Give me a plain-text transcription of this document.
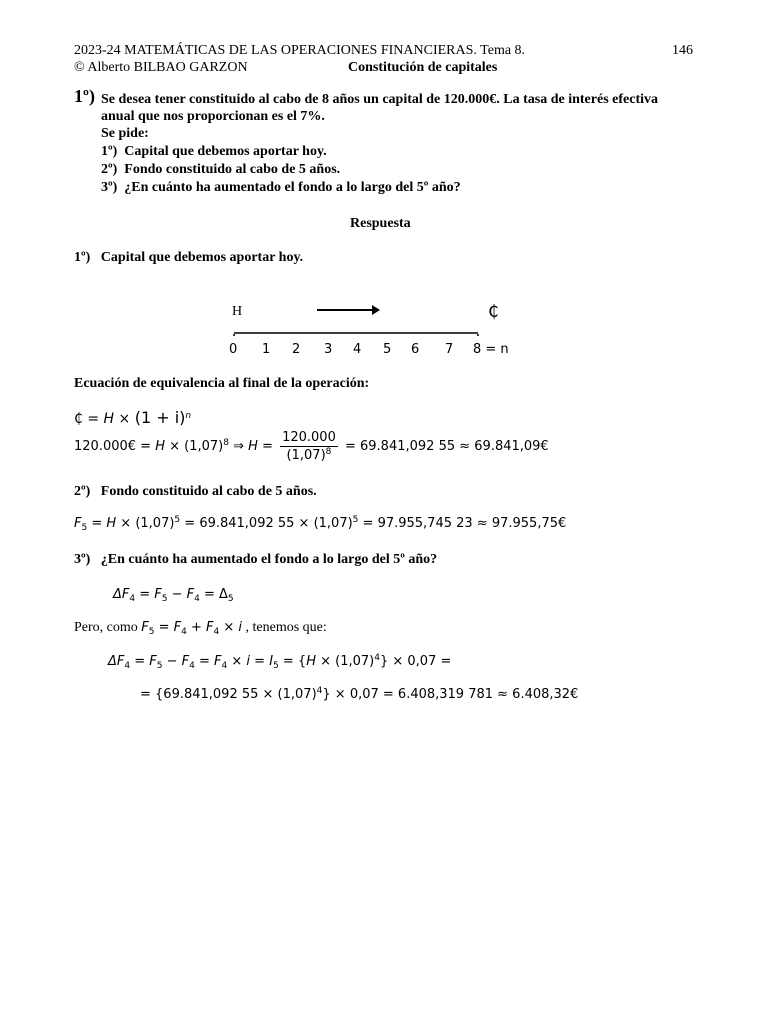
2023-24 MATEMÁTICAS DE LAS OPERACIONES FINANCIERAS. Tema 8.	146
© Alberto BILBAO GARZON	Constitución de capitales
1º) Se desea tener constituido al cabo de 8 años un capital de 120.000€. La tasa de interés efectiva
anual que nos proporcionan es el 7%.
Se pide:
1º) Capital que debemos aportar hoy.
2º) Fondo constituido al cabo de 5 años.
3º) ¿En cuánto ha aumentado el fondo a lo largo del 5º año?
Respuesta
1º) Capital que debemos aportar hoy.
H	₵
0 1 2 3 4 5 6 7 8 = n
Ecuación de equivalencia al final de la operación:
₵ = $H \times (1 + i)^n$
120.000€ = $H \times (1,07)^8$ ⇒ $H = \frac{120.000}{(1,07)^8} = 69.841,092$ 55 ≈ 69.841,09€
2º) Fondo constituido al cabo de 5 años.
$F_5 = H \times (1,07)^5 = 69.841,092$ $55 \times (1,07)^5 = 97.955,745$ 23 ≈ 97.955,75€
3º) ¿En cuánto ha aumentado el fondo a lo largo del 5º año?
$\Delta F_4 = F_5 - F_4 = \Delta_5$
Pero, como $F_5 = F_4 + F_4 \times i$ , tenemos que:
$\Delta F_4 = F_5 - F_4 = F_4 \times i = I_5 = \{H \times (1,07)^4\} \times 0,07$ =
= {69.841,092 $55 \times (1,07)^4\} \times 0,07 = 6.408,319$ 781 ≈ 6.408,32€
